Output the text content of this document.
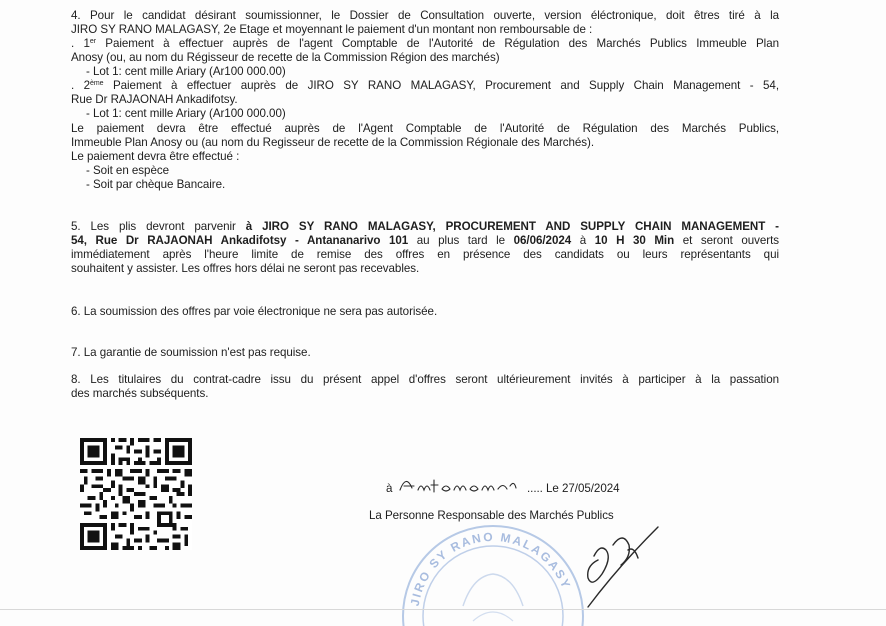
4. Pour le candidat désirant soumissionner, le Dossier de Consultation ouverte, version éléctronique, doit êtres tiré à la
JIRO SY RANO MALAGASY, 2e Etage et moyennant le paiement d'un montant non remboursable de :
. 1er Paiement à effectuer auprès de l'agent Comptable de l'Autorité de Régulation des Marchés Publics Immeuble Plan
Anosy (ou, au nom du Régisseur de recette de la Commission Région des marchés)
- Lot 1: cent mille Ariary (Ar100 000.00)
. 2ème Paiement à effectuer auprès de JIRO SY RANO MALAGASY, Procurement and Supply Chain Management - 54,
Rue Dr RAJAONAH Ankadifotsy.
- Lot 1: cent mille Ariary (Ar100 000.00)
Le paiement devra être effectué auprès de l'Agent Comptable de l'Autorité de Régulation des Marchés Publics,
Immeuble Plan Anosy ou (au nom du Regisseur de recette de la Commission Régionale des Marchés).
Le paiement devra être effectué :
- Soit en espèce
- Soit par chèque Bancaire.
5. Les plis devront parvenir à JIRO SY RANO MALAGASY, PROCUREMENT AND SUPPLY CHAIN MANAGEMENT -
54, Rue Dr RAJAONAH Ankadifotsy - Antananarivo 101 au plus tard le 06/06/2024 à 10 H 30 Min et seront ouverts
immédiatement après l'heure limite de remise des offres en présence des candidats ou leurs représentants qui
souhaitent y assister. Les offres hors délai ne seront pas recevables.
6. La soumission des offres par voie électronique ne sera pas autorisée.
7. La garantie de soumission n'est pas requise.
8. Les titulaires du contrat-cadre issu du présent appel d'offres seront ultérieurement invités à participer à la passation
des marchés subséquents.
JIRO SY RANO MALAGASY
à	..... Le 27/05/2024
La Personne Responsable des Marchés Publics
